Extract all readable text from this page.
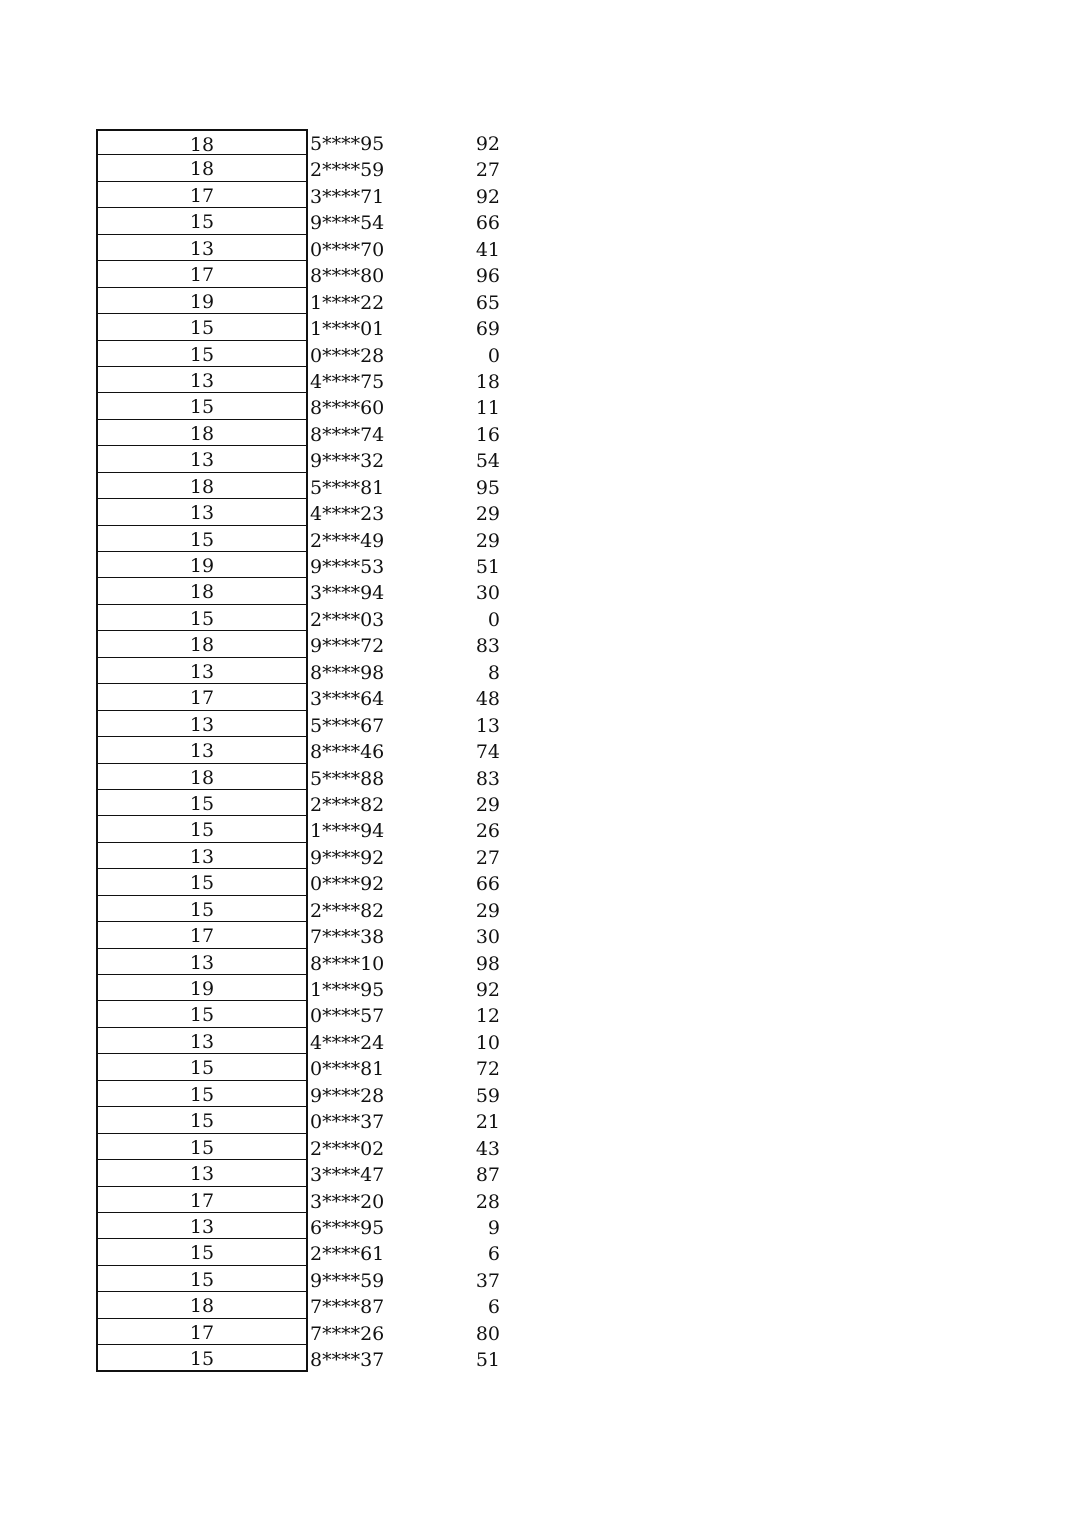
18	5****95	92
18	2****59	27
17	3****71	92
15	9****54	66
13	0****70	41
17	8****80	96
19	1****22	65
15	1****01	69
15	0****28	0
13	4****75	18
15	8****60	11
18	8****74	16
13	9****32	54
18	5****81	95
13	4****23	29
15	2****49	29
19	9****53	51
18	3****94	30
15	2****03	0
18	9****72	83
13	8****98	8
17	3****64	48
13	5****67	13
13	8****46	74
18	5****88	83
15	2****82	29
15	1****94	26
13	9****92	27
15	0****92	66
15	2****82	29
17	7****38	30
13	8****10	98
19	1****95	92
15	0****57	12
13	4****24	10
15	0****81	72
15	9****28	59
15	0****37	21
15	2****02	43
13	3****47	87
17	3****20	28
13	6****95	9
15	2****61	6
15	9****59	37
18	7****87	6
17	7****26	80
15	8****37	51
